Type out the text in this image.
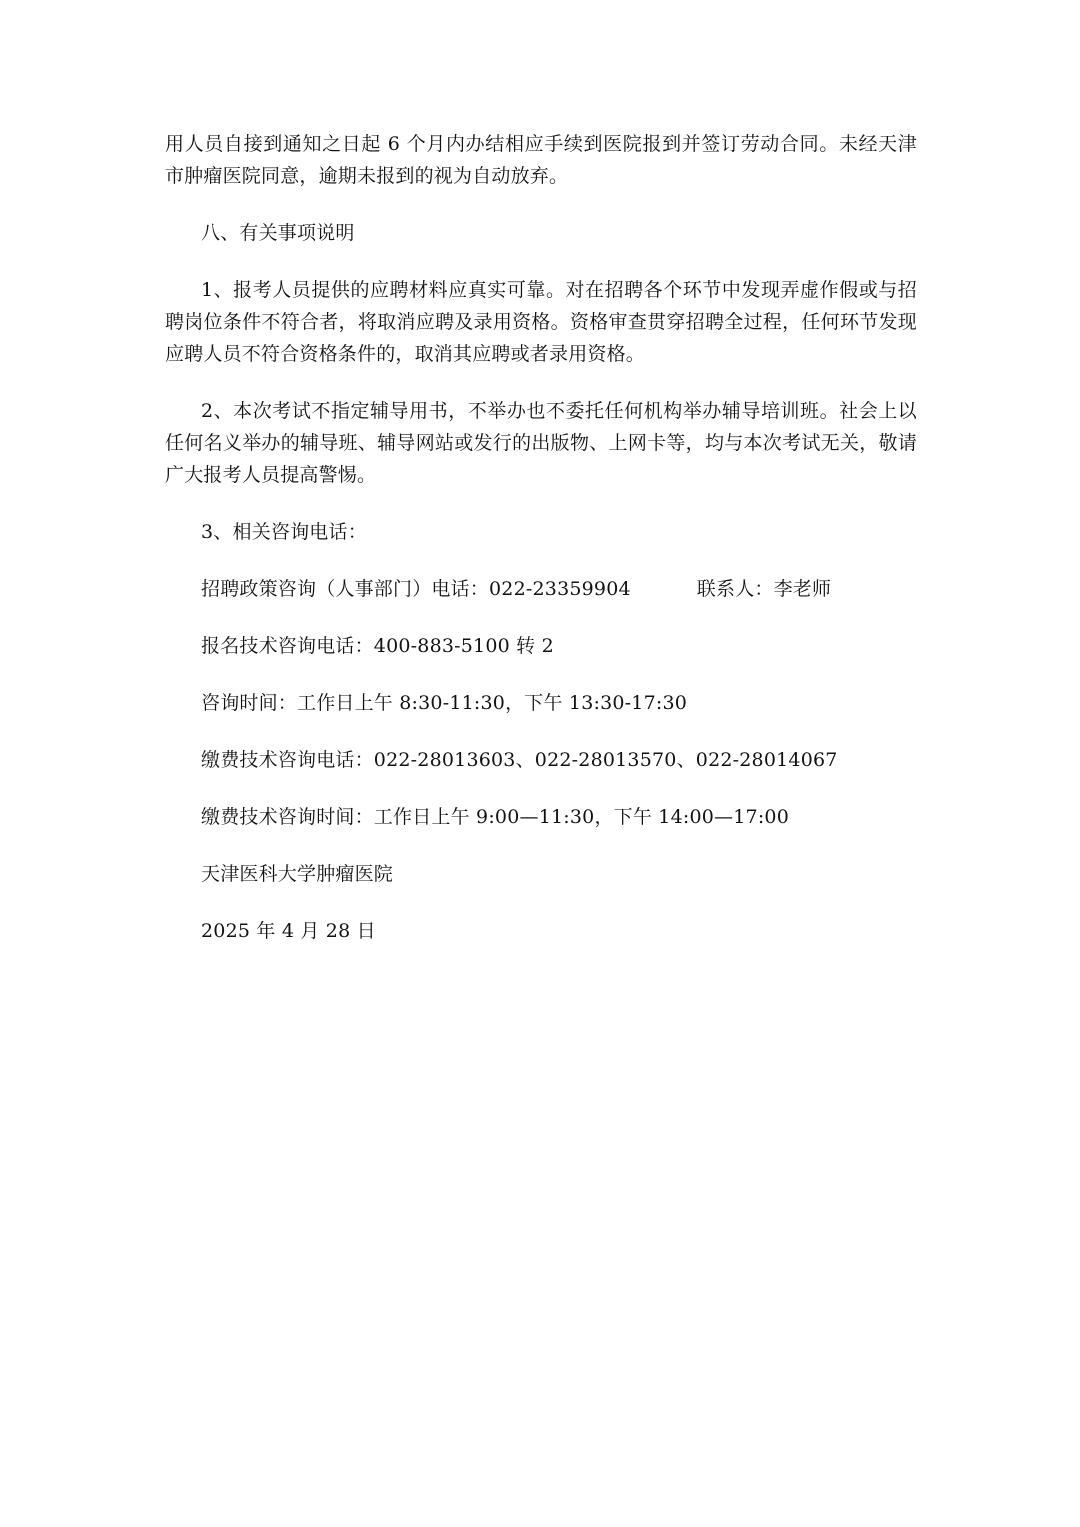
用人员自接到通知之日起 6 个月内办结相应手续到医院报到并签订劳动合同。未经天津市肿瘤医院同意，逾期未报到的视为自动放弃。

八、有关事项说明

1、报考人员提供的应聘材料应真实可靠。对在招聘各个环节中发现弄虚作假或与招聘岗位条件不符合者，将取消应聘及录用资格。资格审查贯穿招聘全过程，任何环节发现应聘人员不符合资格条件的，取消其应聘或者录用资格。

2、本次考试不指定辅导用书，不举办也不委托任何机构举办辅导培训班。社会上以任何名义举办的辅导班、辅导网站或发行的出版物、上网卡等，均与本次考试无关，敬请广大报考人员提高警惕。

3、相关咨询电话：

招聘政策咨询（人事部门）电话：022-23359904	联系人：李老师

报名技术咨询电话：400-883-5100 转 2

咨询时间：工作日上午 8:30-11:30，下午 13:30-17:30

缴费技术咨询电话：022-28013603、022-28013570、022-28014067

缴费技术咨询时间：工作日上午 9:00—11:30，下午 14:00—17:00

天津医科大学肿瘤医院

2025 年 4 月 28 日
